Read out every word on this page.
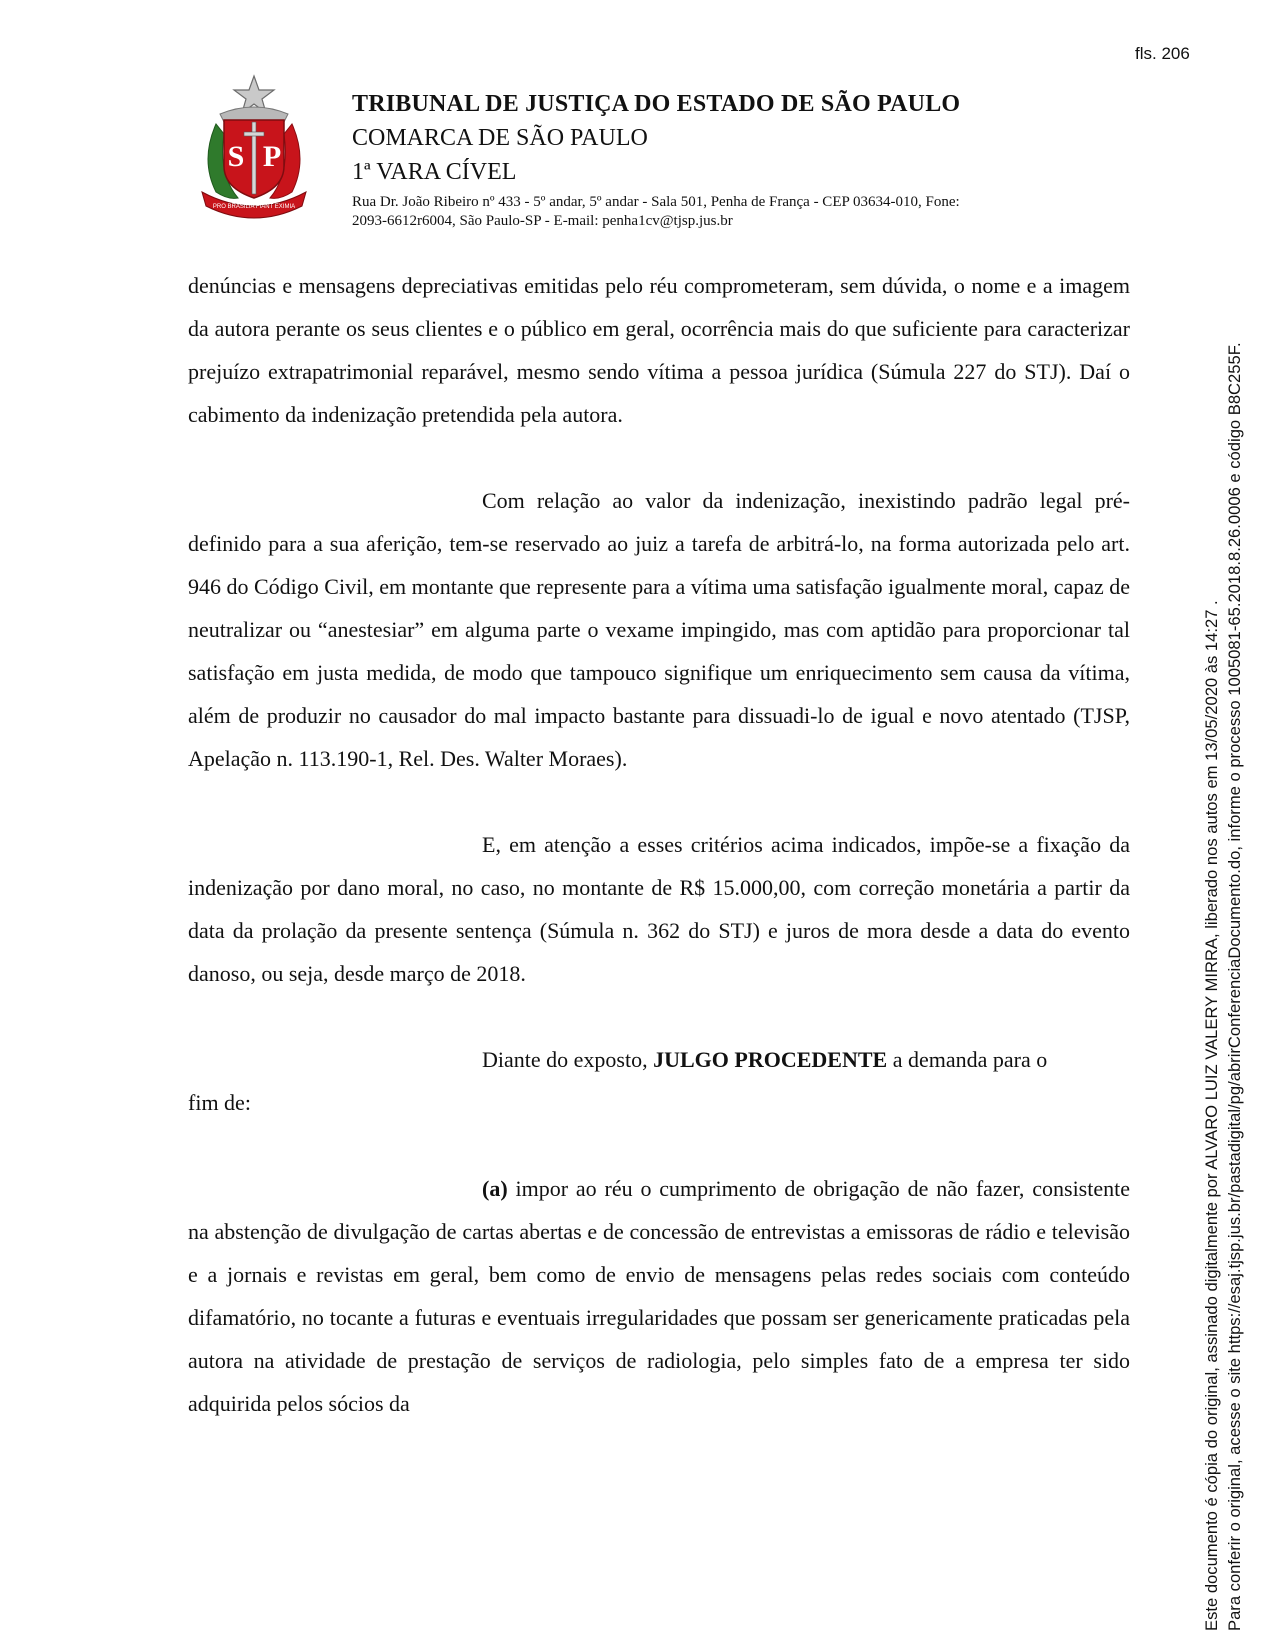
fls. 206
S P
PRO BRASILIA FIANT EXIMIA
TRIBUNAL DE JUSTIÇA DO ESTADO DE SÃO PAULO
COMARCA DE SÃO PAULO
1ª VARA CÍVEL
Rua Dr. João Ribeiro nº 433 - 5º andar, 5º andar - Sala 501, Penha de França - CEP 03634-010, Fone:
2093-6612r6004, São Paulo-SP - E-mail: penha1cv@tjsp.jus.br

denúncias e mensagens depreciativas emitidas pelo réu comprometeram, sem dúvida, o nome e a imagem da autora perante os seus clientes e o público em geral, ocorrência mais do que suficiente para caracterizar prejuízo extrapatrimonial reparável, mesmo sendo vítima a pessoa jurídica (Súmula 227 do STJ). Daí o cabimento da indenização pretendida pela autora.

Com relação ao valor da indenização, inexistindo padrão legal pré-definido para a sua aferição, tem-se reservado ao juiz a tarefa de arbitrá-lo, na forma autorizada pelo art. 946 do Código Civil, em montante que represente para a vítima uma satisfação igualmente moral, capaz de neutralizar ou “anestesiar” em alguma parte o vexame impingido, mas com aptidão para proporcionar tal satisfação em justa medida, de modo que tampouco signifique um enriquecimento sem causa da vítima, além de produzir no causador do mal impacto bastante para dissuadi-lo de igual e novo atentado (TJSP, Apelação n. 113.190-1, Rel. Des. Walter Moraes).

E, em atenção a esses critérios acima indicados, impõe-se a fixação da indenização por dano moral, no caso, no montante de R$ 15.000,00, com correção monetária a partir da data da prolação da presente sentença (Súmula n. 362 do STJ) e juros de mora desde a data do evento danoso, ou seja, desde março de 2018.

Diante do exposto, JULGO PROCEDENTE a demanda para o

fim de:

(a) impor ao réu o cumprimento de obrigação de não fazer, consistente na abstenção de divulgação de cartas abertas e de concessão de entrevistas a emissoras de rádio e televisão e a jornais e revistas em geral, bem como de envio de mensagens pelas redes sociais com conteúdo difamatório, no tocante a futuras e eventuais irregularidades que possam ser genericamente praticadas pela autora na atividade de prestação de serviços de radiologia, pelo simples fato de a empresa ter sido adquirida pelos sócios da	Este documento é cópia do original, assinado digitalmente por ALVARO LUIZ VALERY MIRRA, liberado nos autos em 13/05/2020 às 14:27 . Para conferir o original, acesse o site https://esaj.tjsp.jus.br/pastadigital/pg/abrirConferenciaDocumento.do, informe o processo 1005081-65.2018.8.26.0006 e código B8C255F.
